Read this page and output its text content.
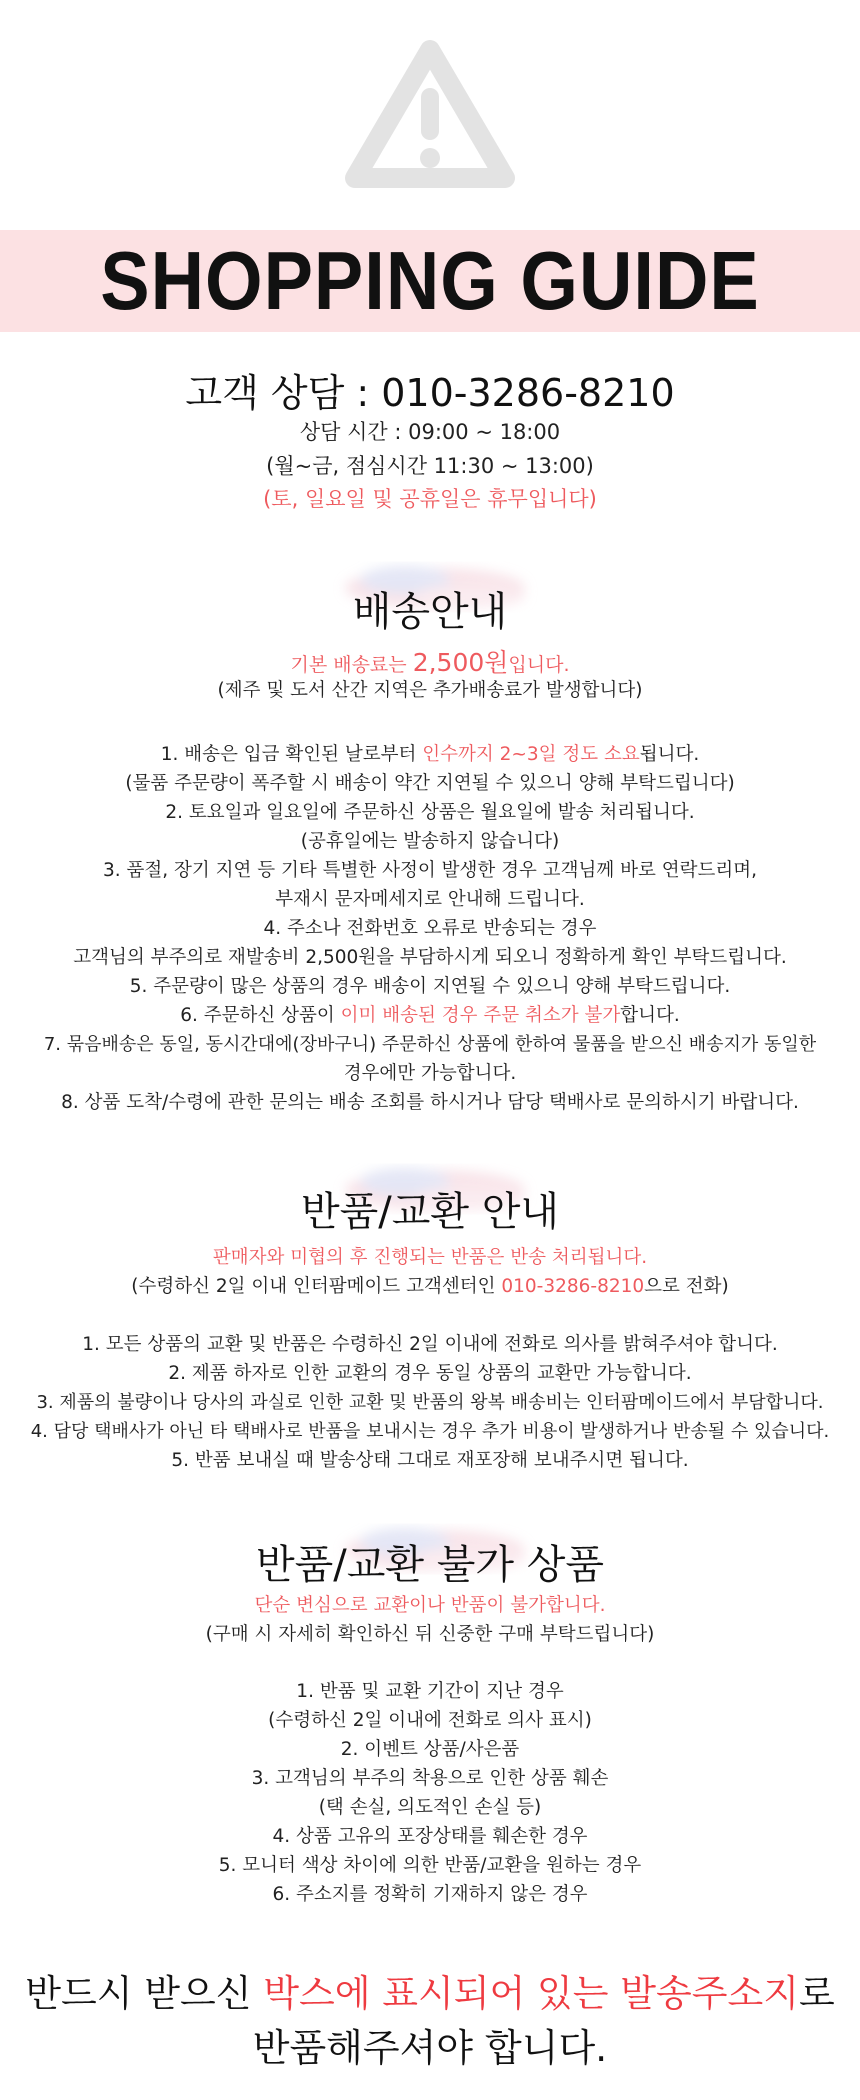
SHOPPING GUIDE
고객 상담 : 010-3286-8210
상담 시간 : 09:00 ~ 18:00
(월~금, 점심시간 11:30 ~ 13:00)
(토, 일요일 및 공휴일은 휴무입니다)
배송안내
기본 배송료는 2,500원입니다.
(제주 및 도서 산간 지역은 추가배송료가 발생합니다)
1. 배송은 입금 확인된 날로부터 인수까지 2~3일 정도 소요됩니다.
(물품 주문량이 폭주할 시 배송이 약간 지연될 수 있으니 양해 부탁드립니다)
2. 토요일과 일요일에 주문하신 상품은 월요일에 발송 처리됩니다.
(공휴일에는 발송하지 않습니다)
3. 품절, 장기 지연 등 기타 특별한 사정이 발생한 경우 고객님께 바로 연락드리며,
부재시 문자메세지로 안내해 드립니다.
4. 주소나 전화번호 오류로 반송되는 경우
고객님의 부주의로 재발송비 2,500원을 부담하시게 되오니 정확하게 확인 부탁드립니다.
5. 주문량이 많은 상품의 경우 배송이 지연될 수 있으니 양해 부탁드립니다.
6. 주문하신 상품이 이미 배송된 경우 주문 취소가 불가합니다.
7. 묶음배송은 동일, 동시간대에(장바구니) 주문하신 상품에 한하여 물품을 받으신 배송지가 동일한
경우에만 가능합니다.
8. 상품 도착/수령에 관한 문의는 배송 조회를 하시거나 담당 택배사로 문의하시기 바랍니다.
반품/교환 안내
판매자와 미협의 후 진행되는 반품은 반송 처리됩니다.
(수령하신 2일 이내 인터팜메이드 고객센터인 010-3286-8210으로 전화)
1. 모든 상품의 교환 및 반품은 수령하신 2일 이내에 전화로 의사를 밝혀주셔야 합니다.
2. 제품 하자로 인한 교환의 경우 동일 상품의 교환만 가능합니다.
3. 제품의 불량이나 당사의 과실로 인한 교환 및 반품의 왕복 배송비는 인터팜메이드에서 부담합니다.
4. 담당 택배사가 아닌 타 택배사로 반품을 보내시는 경우 추가 비용이 발생하거나 반송될 수 있습니다.
5. 반품 보내실 때 발송상태 그대로 재포장해 보내주시면 됩니다.
반품/교환 불가 상품
단순 변심으로 교환이나 반품이 불가합니다.
(구매 시 자세히 확인하신 뒤 신중한 구매 부탁드립니다)
1. 반품 및 교환 기간이 지난 경우
(수령하신 2일 이내에 전화로 의사 표시)
2. 이벤트 상품/사은품
3. 고객님의 부주의 착용으로 인한 상품 훼손
(택 손실, 의도적인 손실 등)
4. 상품 고유의 포장상태를 훼손한 경우
5. 모니터 색상 차이에 의한 반품/교환을 원하는 경우
6. 주소지를 정확히 기재하지 않은 경우
반드시 받으신 박스에 표시되어 있는 발송주소지로
반품해주셔야 합니다.
